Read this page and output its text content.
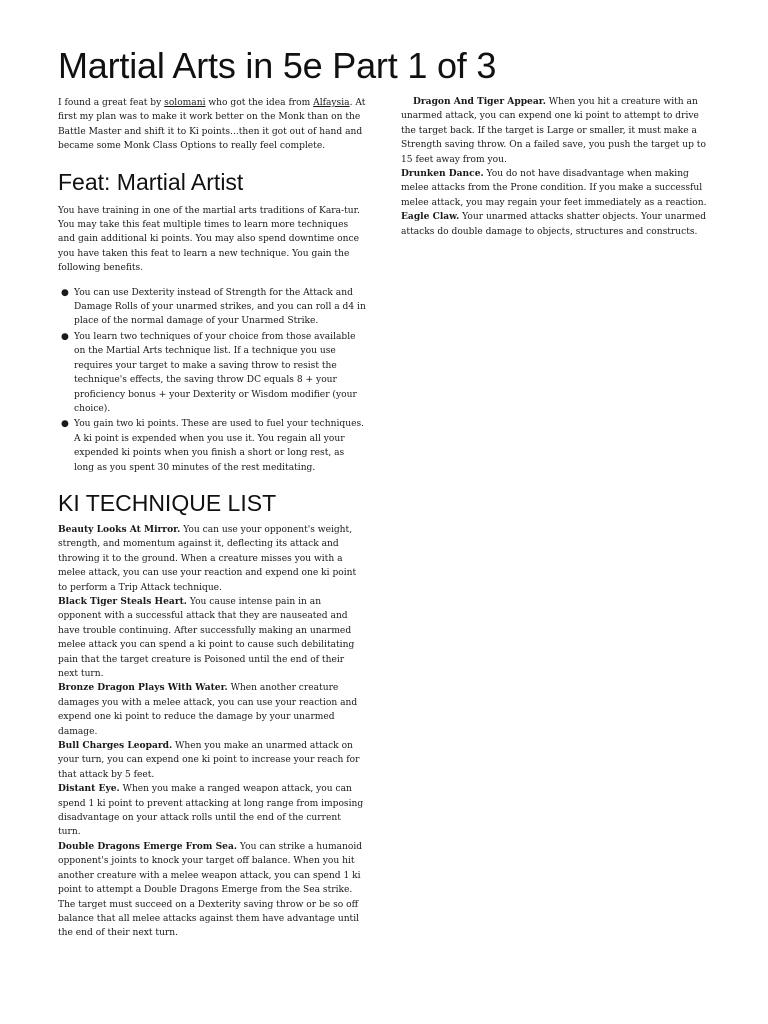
Martial Arts in 5e Part 1 of 3

I found a great feat by solomani who got the idea from Alfaysia. At first my plan was to make it work better on the Monk than on the Battle Master and shift it to Ki points...then it got out of hand and became some Monk Class Options to really feel complete.

Feat: Martial Artist

You have training in one of the martial arts traditions of Kara-tur. You may take this feat multiple times to learn more techniques and gain additional ki points. You may also spend downtime once you have taken this feat to learn a new technique. You gain the following benefits.

● You can use Dexterity instead of Strength for the Attack and Damage Rolls of your unarmed strikes, and you can roll a d4 in place of the normal damage of your Unarmed Strike.
● You learn two techniques of your choice from those available on the Martial Arts technique list. If a technique you use requires your target to make a saving throw to resist the technique's effects, the saving throw DC equals 8 + your proficiency bonus + your Dexterity or Wisdom modifier (your choice).
● You gain two ki points. These are used to fuel your techniques. A ki point is expended when you use it. You regain all your expended ki points when you finish a short or long rest, as long as you spent 30 minutes of the rest meditating.
KI TECHNIQUE LIST

Beauty Looks At Mirror. You can use your opponent's weight, strength, and momentum against it, deflecting its attack and throwing it to the ground. When a creature misses you with a melee attack, you can use your reaction and expend one ki point to perform a Trip Attack technique.

Black Tiger Steals Heart. You cause intense pain in an opponent with a successful attack that they are nauseated and have trouble continuing. After successfully making an unarmed melee attack you can spend a ki point to cause such debilitating pain that the target creature is Poisoned until the end of their next turn.

Bronze Dragon Plays With Water. When another creature damages you with a melee attack, you can use your reaction and expend one ki point to reduce the damage by your unarmed damage.

Bull Charges Leopard. When you make an unarmed attack on your turn, you can expend one ki point to increase your reach for that attack by 5 feet.

Distant Eye. When you make a ranged weapon attack, you can spend 1 ki point to prevent attacking at long range from imposing disadvantage on your attack rolls until the end of the current turn.

Double Dragons Emerge From Sea. You can strike a humanoid opponent's joints to knock your target off balance. When you hit another creature with a melee weapon attack, you can spend 1 ki point to attempt a Double Dragons Emerge from the Sea strike. The target must succeed on a Dexterity saving throw or be so off balance that all melee attacks against them have advantage until the end of their next turn.

Dragon And Tiger Appear. When you hit a creature with an unarmed attack, you can expend one ki point to attempt to drive the target back. If the target is Large or smaller, it must make a Strength saving throw. On a failed save, you push the target up to 15 feet away from you.

Drunken Dance. You do not have disadvantage when making melee attacks from the Prone condition. If you make a successful melee attack, you may regain your feet immediately as a reaction.

Eagle Claw. Your unarmed attacks shatter objects. Your unarmed attacks do double damage to objects, structures and constructs.
